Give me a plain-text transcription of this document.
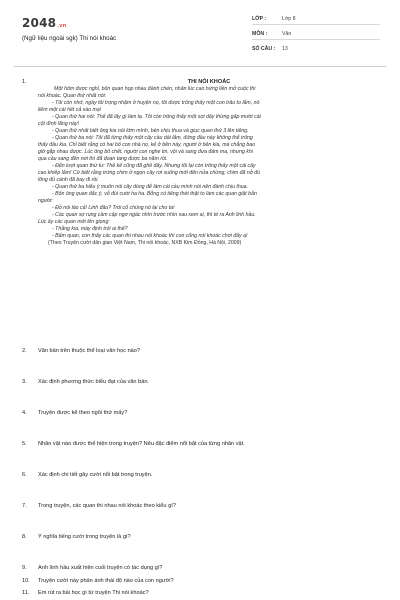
2048.vn
(Ngữ liệu ngoài sgk) Thi nói khoác
LỚP :	Lớp 8
MÔN :	Văn
SỐ CÂU : 13
1.	THI NÓI KHOÁC

Một hôm được nghỉ, bốn quan họp nhau đánh chén, nhân lúc cao hứng liền mở cuộc thi

nói khoác. Quan thứ nhất nói:

- Tôi còn nhớ, ngày tôi trọng nhậm ở huyện nọ, tôi được trông thấy một con trâu to lắm, nó

liếm một cái hết cả sào mạ!

- Quan thứ hai nói: Thế đã lấy gì làm lạ. Tôi còn trông thấy một sợi dây thừng gấp mười cái

cột đình lăng này!

- Quan thứ nhất biết ông kia nói lớm mình, bèn chịu thua và giục quan thứ 3 lên tiếng.

- Quan thứ ba nói: Tôi đã từng thấy một cây cầu dài lắm, đứng đầu này không thể trông

thấy đầu kia. Chỉ biết rằng có hai bố con nhà nọ, kẻ ở bên này, người ở bên kia, mà chẳng bao

giờ gặp nhau được. Lúc ông bố chết, người con nghe tin, vội và sang đưa đám ma, nhưng khi

qua cầu sang đến nơi thì đã đoạn tang được ba năm rồi.

- Đến lượt quan thứ tư: Thế kể cũng đã ghê đấy. Nhưng tôi lại còn trông thấy một cái cây

cao khiếp lắm! Cứ biết rằng trứng chim ở ngọn cây rơi xuống mới đến nửa chừng, chim đã nở đủ

lông đủ cánh đã bay đi rồi.

- Quan thứ ba hiểu ý muốn nói cây dùng để làm cái cầu mình nói nên đành chịu thua.

- Bốn ông quan đắc ý, vỗ đùi cười ha ha. Bỗng có tiếng thét thật to làm các quan giật bắn

người:

- Đồ nói láo cả! Linh đâu? Trói cổ chúng nó lại cho ta!

- Các quan sợ rung cầm cập ngơ ngác nhìn trước nhìn sau xem ai, thì té ra Anh linh hầu.

Lúc ấy các quan mới lên giọng:

- Thằng kia, mày định trói ai thế?

- Bẩm quan, con thấy các quan thi nhau nói khoác thì con cũng nói khoác chơi đấy ạ!

(Theo Truyện cười dân gian Việt Nam, Thi nói khoác, NXB Kim Đồng, Hà Nội, 2009)

2.	Văn bản trên thuộc thể loại văn học nào?
3.	Xác định phương thức biểu đạt của văn bản.
4.	Truyện được kể theo ngôi thứ mấy?
5.	Nhân vật nào được thể hiện trong truyện? Nêu đặc điểm nổi bật của từng nhân vật.
6.	Xác định chi tiết gây cười nổi bật trong truyện.
7.	Trong truyện, các quan thi nhau nói khoác theo kiểu gì?
8.	Ý nghĩa tiếng cười trong truyện là gì?
9.	Anh lính hầu xuất hiện cuối truyện có tác dụng gì?
10.	Truyện cười này phản ánh thái độ nào của con người?
11.	Em rút ra bài học gì từ truyện Thi nói khoác?
